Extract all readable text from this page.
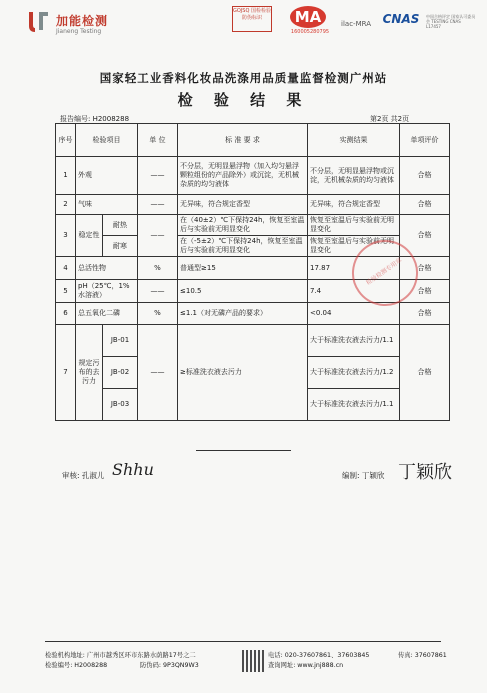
加能检测
Jianeng Testing
GOJSQ 国检检验 防伪标识	MA
160005280795
ilac-MRA CNAS	中国合格评定 国家认可委员会 TESTING CNAS L17457
国家轻工业香料化妆品洗涤用品质量监督检测广州站
检 验 结 果
报告编号: H2008288	第2页 共2页
序号	检验项目		单 位	标 准 要 求	实测结果	单项评价
1	外观		——	不分层，无明显悬浮物（加入均匀悬浮颗粒组份的产品除外）或沉淀，无机械杂质的均匀液体	不分层，无明显悬浮物或沉淀，无机械杂质的均匀液体	合格
2	气味		——	无异味，符合规定香型	无异味，符合规定香型	合格
3	稳定性	耐热	——	在（40±2）℃下保持24h，恢复至室温后与实验前无明显变化	恢复至室温后与实验前无明显变化	合格
		耐寒		在（-5±2）℃下保持24h，恢复至室温后与实验前无明显变化	恢复至室温后与实验前无明显变化	
4	总活性物		%	普通型≥15	17.87	合格
5	pH（25℃，1%水溶液）		——	≤10.5	7.4	合格
6	总五氧化二磷		%	≤1.1（对无磷产品的要求）	<0.04	合格
7	规定污布的去污力	JB-01	——	≥标准洗衣液去污力	大于标准洗衣液去污力/1.1	合格
		JB-02			大于标准洗衣液去污力/1.2	
		JB-03			大于标准洗衣液去污力/1.1	
检验检测专用章
审核: 孔淑儿 Shhu	编制: 丁颖欣 丁颖欣
检验机构地址: 广州市越秀区环市东路水荫路17号之二	电话: 020-37607861、37603845	传真: 37607861
检验编号: H2008288	防伪码: 9P3QN9W3	查询网址: www.jnj888.cn
